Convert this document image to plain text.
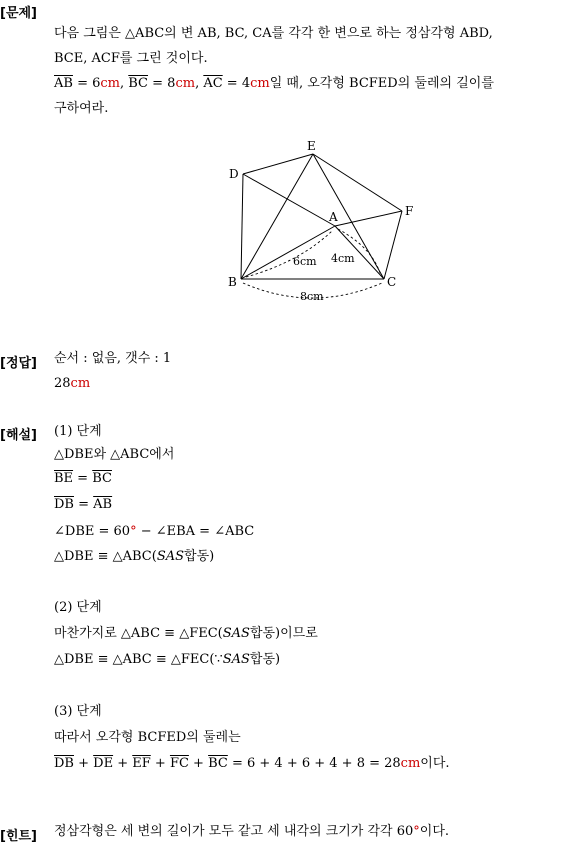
[문제]
다음 그림은 △ABC의 변 AB, BC, CA를 각각 한 변으로 하는 정삼각형 ABD,
BCE, ACF를 그린 것이다.
$\overline{AB} = 6cm$, $\overline{BC} = 8cm$, $\overline{AC} = 4cm$일 때, 오각형 BCFED의 둘레의 길이를
구하여라.
D
E
A	F
B	C
6cm 4cm
8cm
[정답] 순서 : 없음, 갯수 : 1
28cm
[해설] (1) 단계
△DBE와 △ABC에서
$\overline{BE} = \overline{BC}$
$\overline{DB} = \overline{AB}$
∠DBE = 60° − ∠EBA = ∠ABC
△DBE ≡ △ABC(SAS합동)
(2) 단계
마찬가지로 △ABC ≡ △FEC(SAS합동)이므로
△DBE ≡ △ABC ≡ △FEC(∵SAS합동)
(3) 단계
따라서 오각형 BCFED의 둘레는
$\overline{DB} + \overline{DE} + \overline{EF} + \overline{FC} + \overline{BC} = 6 + 4 + 6 + 4 + 8 = 28cm$이다.
[힌트] 정삼각형은 세 변의 길이가 모두 같고 세 내각의 크기가 각각 60°이다.
